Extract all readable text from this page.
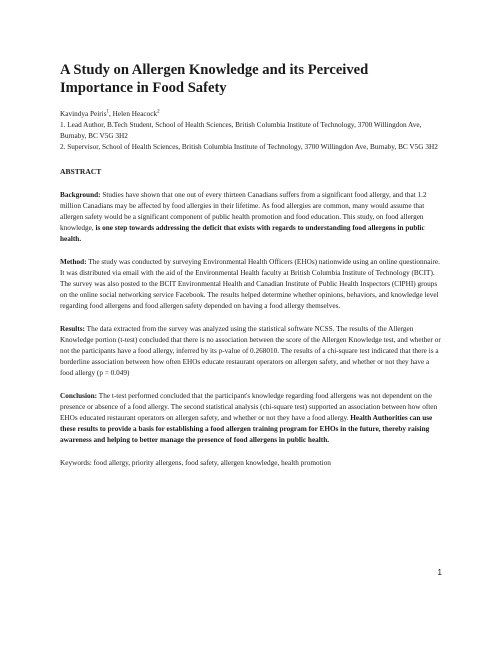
A Study on Allergen Knowledge and its Perceived Importance in Food Safety

Kavindya Peiris$^1$, Helen Heacock$^2$

1. Lead Author, B.Tech Student, School of Health Sciences, British Columbia Institute of Technology, 3700 Willingdon Ave, Burnaby, BC V5G 3H2
2. Supervisor, School of Health Sciences, British Columbia Institute of Technology, 3700 Willingdon Ave, Burnaby, BC V5G 3H2
ABSTRACT

Background: Studies have shown that one out of every thirteen Canadians suffers from a significant food allergy, and that 1.2 million Canadians may be affected by food allergies in their lifetime. As food allergies are common, many would assume that allergen safety would be a significant component of public health promotion and food education. This study, on food allergen knowledge, is one step towards addressing the deficit that exists with regards to understanding food allergens in public health.

Method: The study was conducted by surveying Environmental Health Officers (EHOs) nationwide using an online questionnaire. It was distributed via email with the aid of the Environmental Health faculty at British Columbia Institute of Technology (BCIT). The survey was also posted to the BCIT Environmental Health and Canadian Institute of Public Health Inspectors (CIPHI) groups on the online social networking service Facebook. The results helped determine whether opinions, behaviors, and knowledge level regarding food allergens and food allergen safety depended on having a food allergy themselves.

Results: The data extracted from the survey was analyzed using the statistical software NCSS. The results of the Allergen Knowledge portion (t-test) concluded that there is no association between the score of the Allergen Knowledge test, and whether or not the participants have a food allergy, inferred by its p-value of 0.268010. The results of a chi-square test indicated that there is a borderline association between how often EHOs educate restaurant operators on allergen safety, and whether or not they have a food allergy (p = 0.049)

Conclusion: The t-test performed concluded that the participant's knowledge regarding food allergens was not dependent on the presence or absence of a food allergy. The second statistical analysis (chi-square test) supported an association between how often EHOs educated restaurant operators on allergen safety, and whether or not they have a food allergy. Health Authorities can use these results to provide a basis for establishing a food allergen training program for EHOs in the future, thereby raising awareness and helping to better manage the presence of food allergens in public health.

Keywords: food allergy, priority allergens, food safety, allergen knowledge, health promotion

1
